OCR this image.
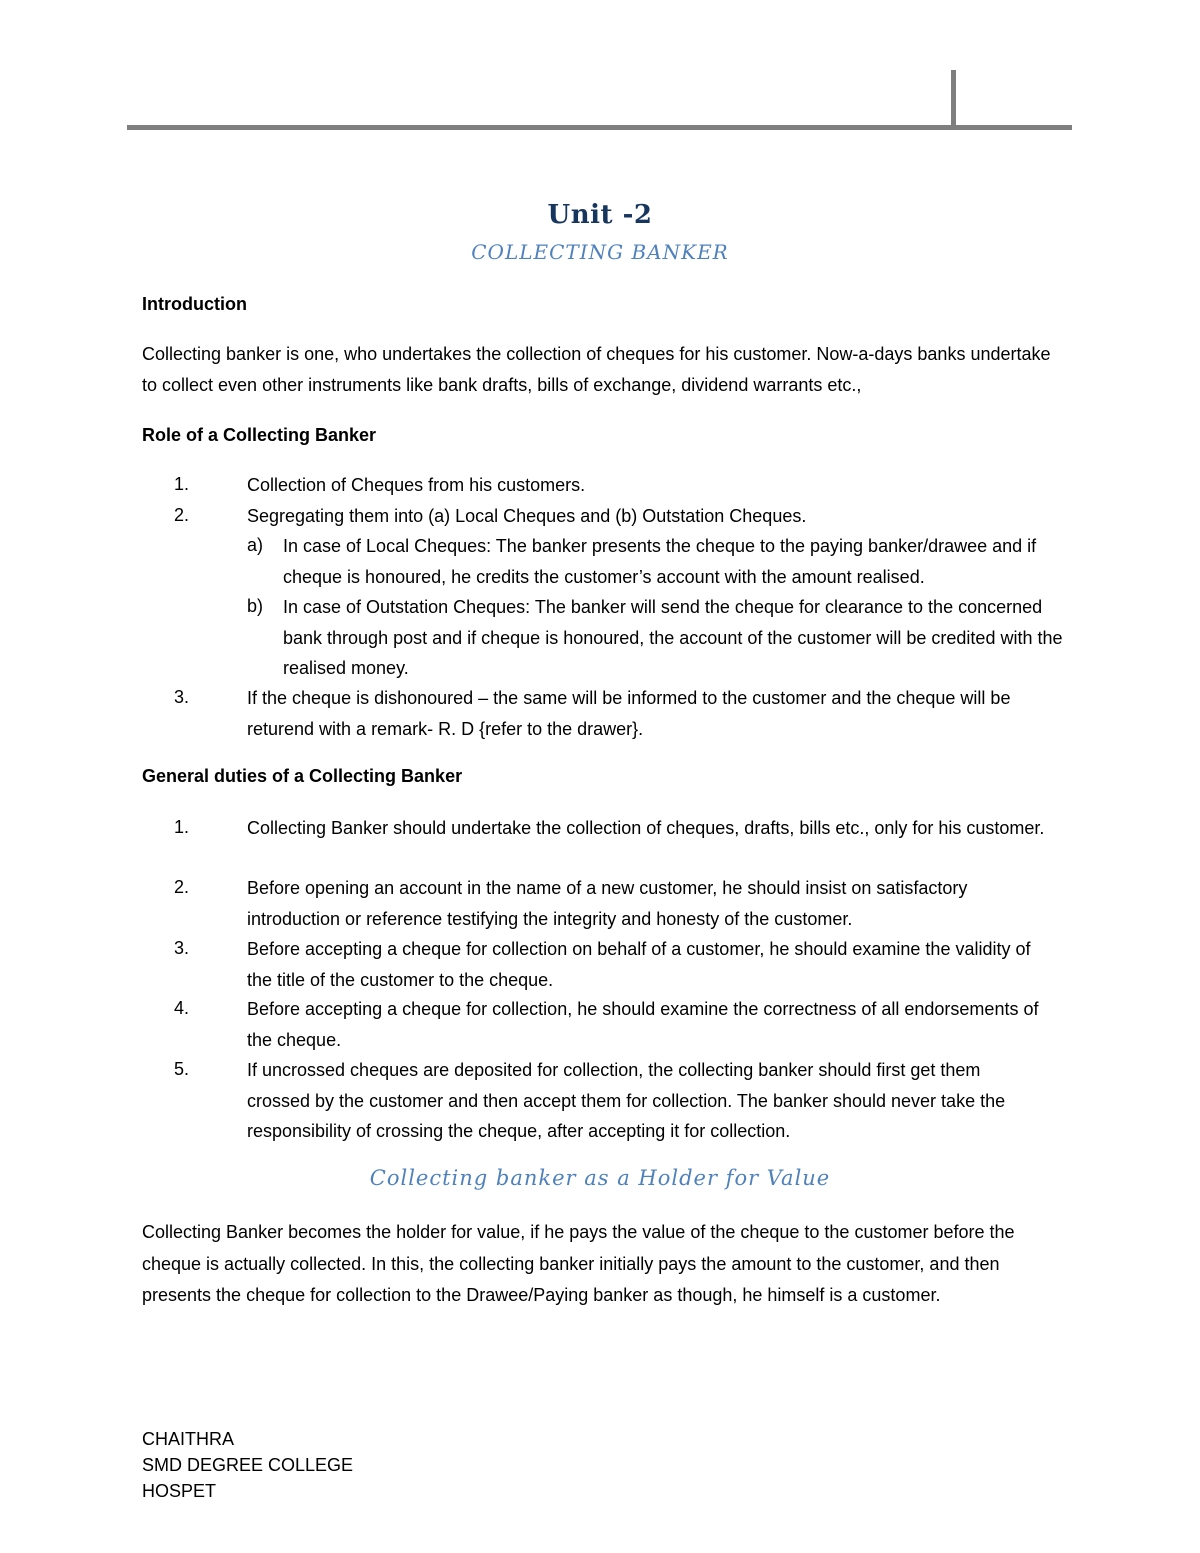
Unit -2
COLLECTING BANKER
Introduction
Collecting banker is one, who undertakes the collection of cheques for his customer. Now-a-days banks undertake to collect even other instruments like bank drafts, bills of exchange, dividend warrants etc.,
Role of a Collecting Banker
1.	Collection of Cheques from his customers.
2.	Segregating them into (a) Local Cheques and (b) Outstation Cheques.
a) In case of Local Cheques: The banker presents the cheque to the paying banker/drawee and if cheque is honoured, he credits the customer’s account with the amount realised.
b) In case of Outstation Cheques: The banker will send the cheque for clearance to the concerned bank through post and if cheque is honoured, the account of the customer will be credited with the realised money.
3.	If the cheque is dishonoured – the same will be informed to the customer and the cheque will be returend with a remark- R. D {refer to the drawer}.
General duties of a Collecting Banker
1.	Collecting Banker should undertake the collection of cheques, drafts, bills etc., only for his customer.
2.	Before opening an account in the name of a new customer, he should insist on satisfactory introduction or reference testifying the integrity and honesty of the customer.
3.	Before accepting a cheque for collection on behalf of a customer, he should examine the validity of the title of the customer to the cheque.
4.	Before accepting a cheque for collection, he should examine the correctness of all endorsements of the cheque.
5.	If uncrossed cheques are deposited for collection, the collecting banker should first get them crossed by the customer and then accept them for collection. The banker should never take the responsibility of crossing the cheque, after accepting it for collection.
Collecting banker as a Holder for Value
Collecting Banker becomes the holder for value, if he pays the value of the cheque to the customer before the cheque is actually collected. In this, the collecting banker initially pays the amount to the customer, and then presents the cheque for collection to the Drawee/Paying banker as though, he himself is a customer.
CHAITHRA
SMD DEGREE COLLEGE
HOSPET
